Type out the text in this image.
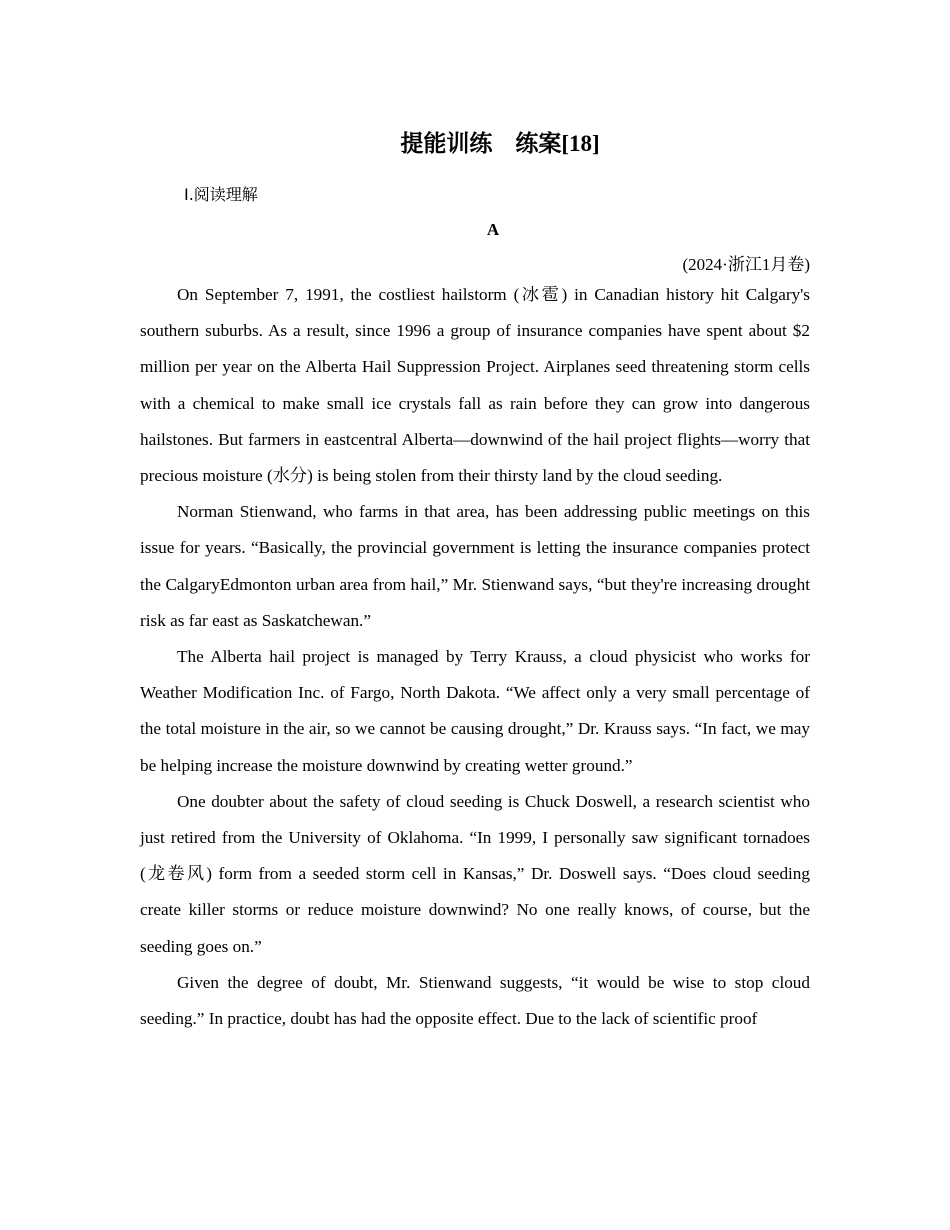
提能训练　练案[18]
Ⅰ.阅读理解
A
(2024·浙江1月卷)

On September 7, 1991, the costliest hailstorm (冰雹) in Canadian history hit Calgary's southern suburbs. As a result, since 1996 a group of insurance companies have spent about $2 million per year on the Alberta Hail Suppression Project. Airplanes seed threatening storm cells with a chemical to make small ice crystals fall as rain before they can grow into dangerous hailstones. But farmers in eastcentral Alberta—downwind of the hail project flights—worry that precious moisture (水分) is being stolen from their thirsty land by the cloud seeding.

Norman Stienwand, who farms in that area, has been addressing public meetings on this issue for years. “Basically, the provincial government is letting the insurance companies protect the CalgaryEdmonton urban area from hail,” Mr. Stienwand says, “but they're increasing drought risk as far east as Saskatchewan.”

The Alberta hail project is managed by Terry Krauss, a cloud physicist who works for Weather Modification Inc. of Fargo, North Dakota. “We affect only a very small percentage of the total moisture in the air, so we cannot be causing drought,” Dr. Krauss says. “In fact, we may be helping increase the moisture downwind by creating wetter ground.”

One doubter about the safety of cloud seeding is Chuck Doswell, a research scientist who just retired from the University of Oklahoma. “In 1999, I personally saw significant tornadoes (龙卷风) form from a seeded storm cell in Kansas,” Dr. Doswell says. “Does cloud seeding create killer storms or reduce moisture downwind? No one really knows, of course, but the seeding goes on.”

Given the degree of doubt, Mr. Stienwand suggests, “it would be wise to stop cloud seeding.” In practice, doubt has had the opposite effect. Due to the lack of scientific proof
